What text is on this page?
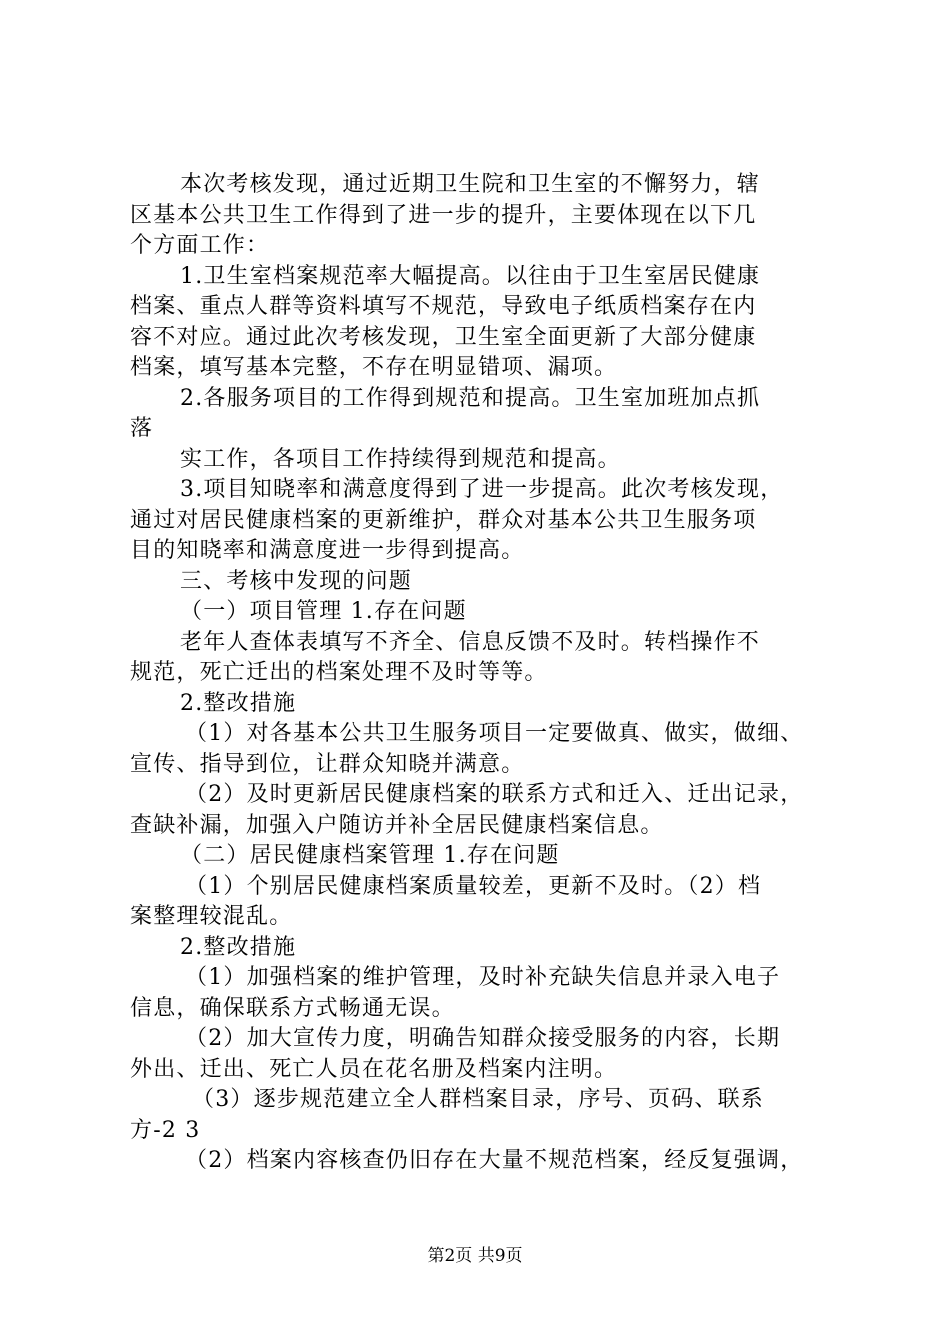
本次考核发现，通过近期卫生院和卫生室的不懈努力，辖
区基本公共卫生工作得到了进一步的提升，主要体现在以下几
个方面工作：
1.卫生室档案规范率大幅提高。以往由于卫生室居民健康
档案、重点人群等资料填写不规范，导致电子纸质档案存在内
容不对应。通过此次考核发现，卫生室全面更新了大部分健康
档案，填写基本完整，不存在明显错项、漏项。
2.各服务项目的工作得到规范和提高。卫生室加班加点抓
落
实工作，各项目工作持续得到规范和提高。
3.项目知晓率和满意度得到了进一步提高。此次考核发现，
通过对居民健康档案的更新维护，群众对基本公共卫生服务项
目的知晓率和满意度进一步得到提高。
三、考核中发现的问题
（一）项目管理 1.存在问题
老年人查体表填写不齐全、信息反馈不及时。转档操作不
规范，死亡迁出的档案处理不及时等等。
2.整改措施
（1）对各基本公共卫生服务项目一定要做真、做实，做细、
宣传、指导到位，让群众知晓并满意。
（2）及时更新居民健康档案的联系方式和迁入、迁出记录，
查缺补漏，加强入户随访并补全居民健康档案信息。
（二）居民健康档案管理 1.存在问题
（1）个别居民健康档案质量较差，更新不及时。（2）档
案整理较混乱。
2.整改措施
（1）加强档案的维护管理，及时补充缺失信息并录入电子
信息，确保联系方式畅通无误。
（2）加大宣传力度，明确告知群众接受服务的内容，长期
外出、迁出、死亡人员在花名册及档案内注明。
（3）逐步规范建立全人群档案目录，序号、页码、联系
方-2 3
（2）档案内容核查仍旧存在大量不规范档案，经反复强调，
第2页 共9页
